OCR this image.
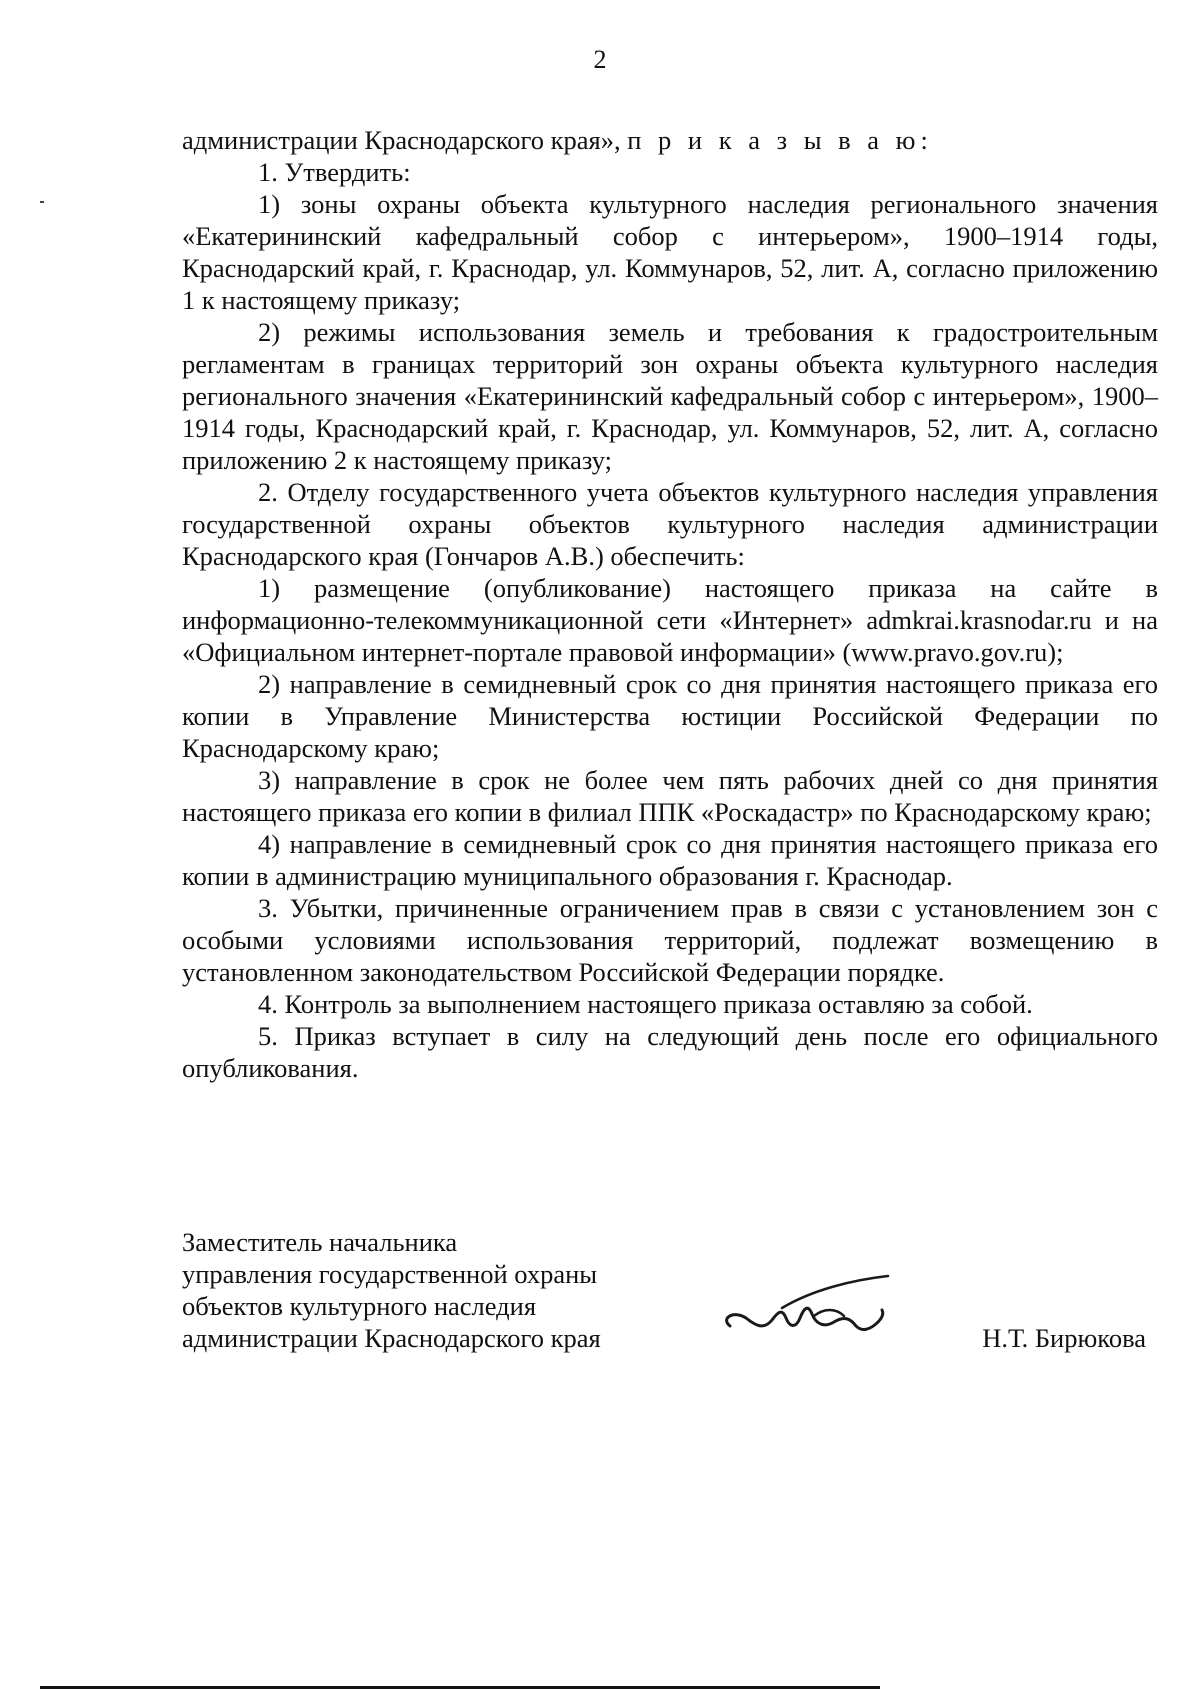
2

администрации Краснодарского края», п р и к а з ы в а ю:

1. Утвердить:

1) зоны охраны объекта культурного наследия регионального значения «Екатерининский кафедральный собор с интерьером», 1900–1914 годы, Краснодарский край, г. Краснодар, ул. Коммунаров, 52, лит. А, согласно приложению 1 к настоящему приказу;

2) режимы использования земель и требования к градостроительным регламентам в границах территорий зон охраны объекта культурного наследия регионального значения «Екатерининский кафедральный собор с интерьером», 1900–1914 годы, Краснодарский край, г. Краснодар, ул. Коммунаров, 52, лит. А, согласно приложению 2 к настоящему приказу;

2. Отделу государственного учета объектов культурного наследия управления государственной охраны объектов культурного наследия администрации Краснодарского края (Гончаров А.В.) обеспечить:

1) размещение (опубликование) настоящего приказа на сайте в информационно-телекоммуникационной сети «Интернет» admkrai.krasnodar.ru и на «Официальном интернет-портале правовой информации» (www.pravo.gov.ru);

2) направление в семидневный срок со дня принятия настоящего приказа его копии в Управление Министерства юстиции Российской Федерации по Краснодарскому краю;

3) направление в срок не более чем пять рабочих дней со дня принятия настоящего приказа его копии в филиал ППК «Роскадастр» по Краснодарскому краю;

4) направление в семидневный срок со дня принятия настоящего приказа его копии в администрацию муниципального образования г. Краснодар.

3. Убытки, причиненные ограничением прав в связи с установлением зон с особыми условиями использования территорий, подлежат возмещению в установленном законодательством Российской Федерации порядке.

4. Контроль за выполнением настоящего приказа оставляю за собой.

5. Приказ вступает в силу на следующий день после его официального опубликования.

Заместитель начальника
управления государственной охраны
объектов культурного наследия
администрации Краснодарского края	Н.Т. Бирюкова
